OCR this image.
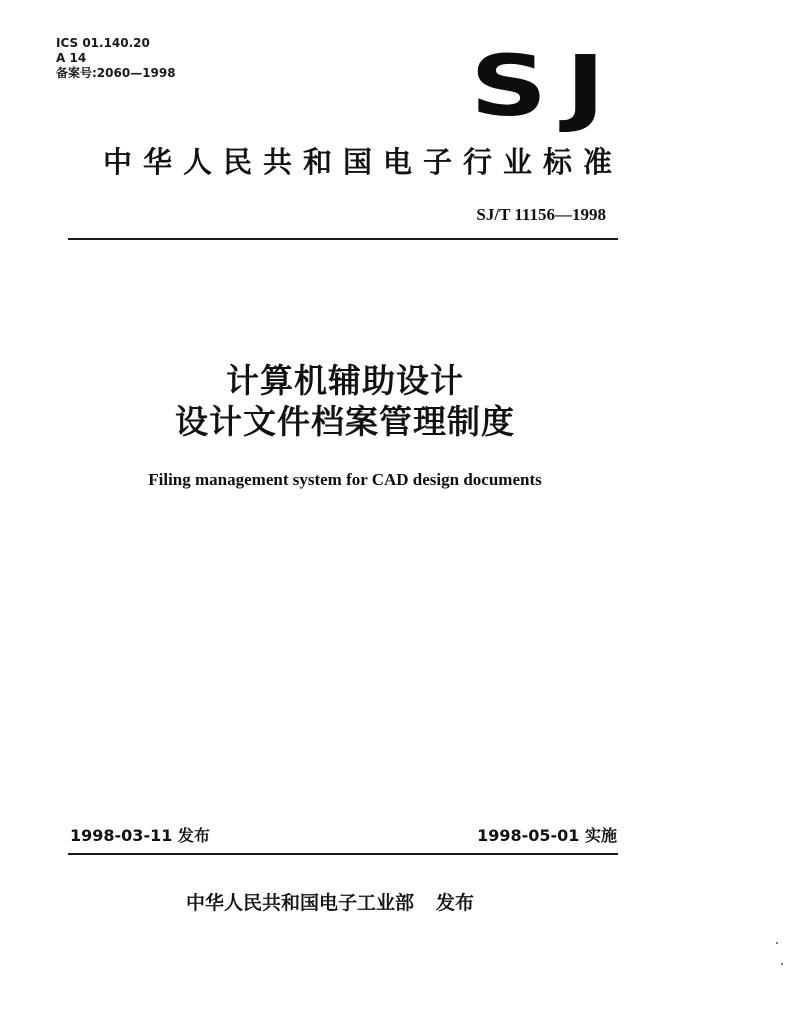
ICS 01.140.20
A 14
备案号:2060—1998	SJ
中华人民共和国电子行业标准
SJ/T 11156—1998
计算机辅助设计
设计文件档案管理制度
Filing management system for CAD design documents
1998-03-11 发布	1998-05-01 实施
中华人民共和国电子工业部 发布
